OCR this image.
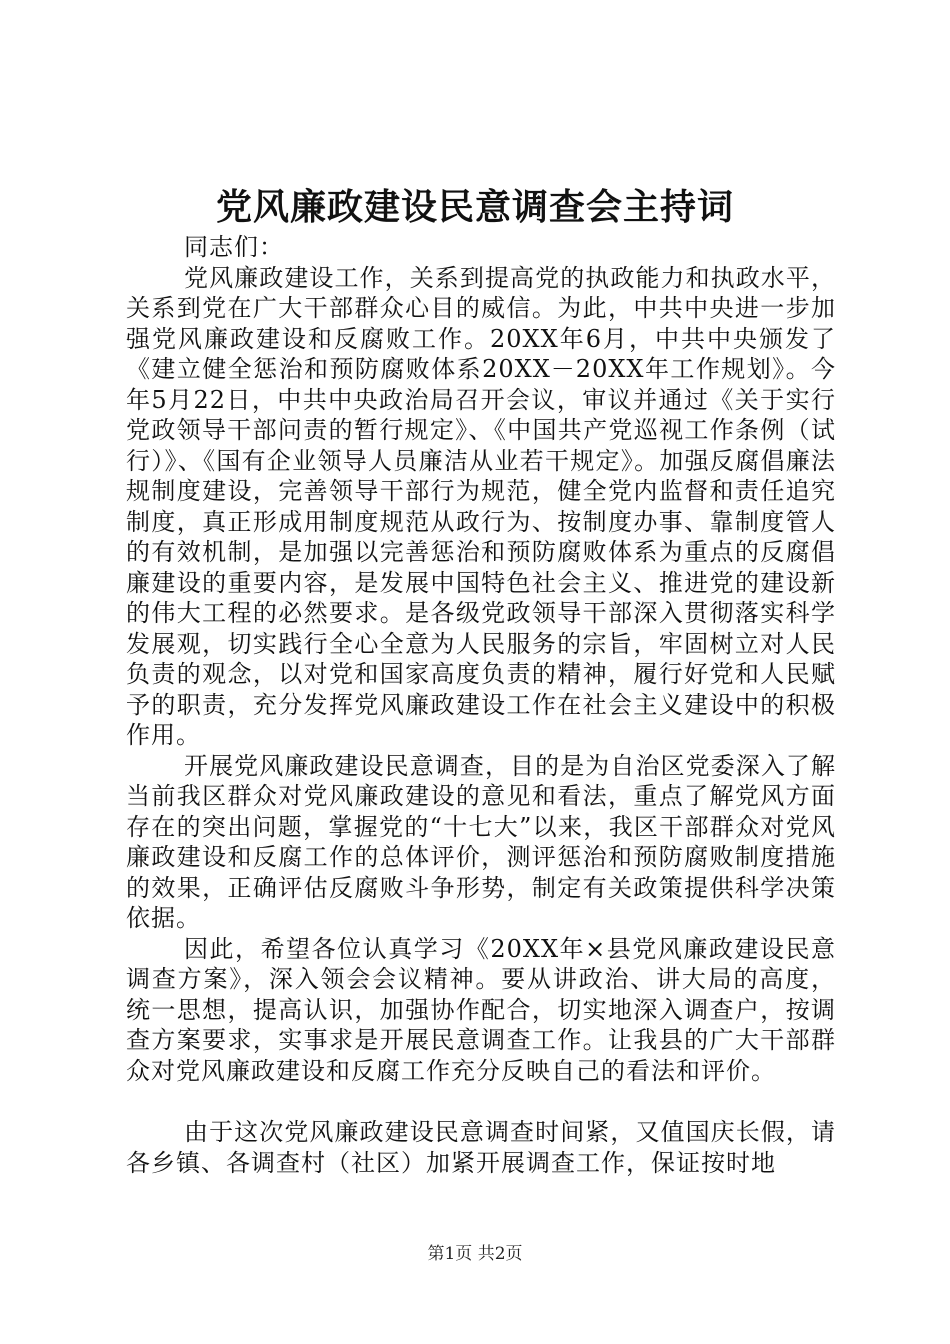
党风廉政建设民意调查会主持词

同志们：

党风廉政建设工作，关系到提高党的执政能力和执政水平，关系到党在广大干部群众心目的威信。为此，中共中央进一步加强党风廉政建设和反腐败工作。20XX年6月，中共中央颁发了《建立健全惩治和预防腐败体系20XX－20XX年工作规划》。今年5月22日，中共中央政治局召开会议，审议并通过《关于实行党政领导干部问责的暂行规定》、《中国共产党巡视工作条例（试行）》、《国有企业领导人员廉洁从业若干规定》。加强反腐倡廉法规制度建设，完善领导干部行为规范，健全党内监督和责任追究制度，真正形成用制度规范从政行为、按制度办事、靠制度管人的有效机制，是加强以完善惩治和预防腐败体系为重点的反腐倡廉建设的重要内容，是发展中国特色社会主义、推进党的建设新的伟大工程的必然要求。是各级党政领导干部深入贯彻落实科学发展观，切实践行全心全意为人民服务的宗旨，牢固树立对人民负责的观念，以对党和国家高度负责的精神，履行好党和人民赋予的职责，充分发挥党风廉政建设工作在社会主义建设中的积极作用。

开展党风廉政建设民意调查，目的是为自治区党委深入了解当前我区群众对党风廉政建设的意见和看法，重点了解党风方面存在的突出问题，掌握党的“十七大”以来，我区干部群众对党风廉政建设和反腐工作的总体评价，测评惩治和预防腐败制度措施的效果，正确评估反腐败斗争形势，制定有关政策提供科学决策依据。

因此，希望各位认真学习《20XX年×县党风廉政建设民意调查方案》，深入领会会议精神。要从讲政治、讲大局的高度，统一思想，提高认识，加强协作配合，切实地深入调查户，按调查方案要求，实事求是开展民意调查工作。让我县的广大干部群众对党风廉政建设和反腐工作充分反映自己的看法和评价。

由于这次党风廉政建设民意调查时间紧，又值国庆长假，请各乡镇、各调查村（社区）加紧开展调查工作，保证按时地

第1页 共2页
